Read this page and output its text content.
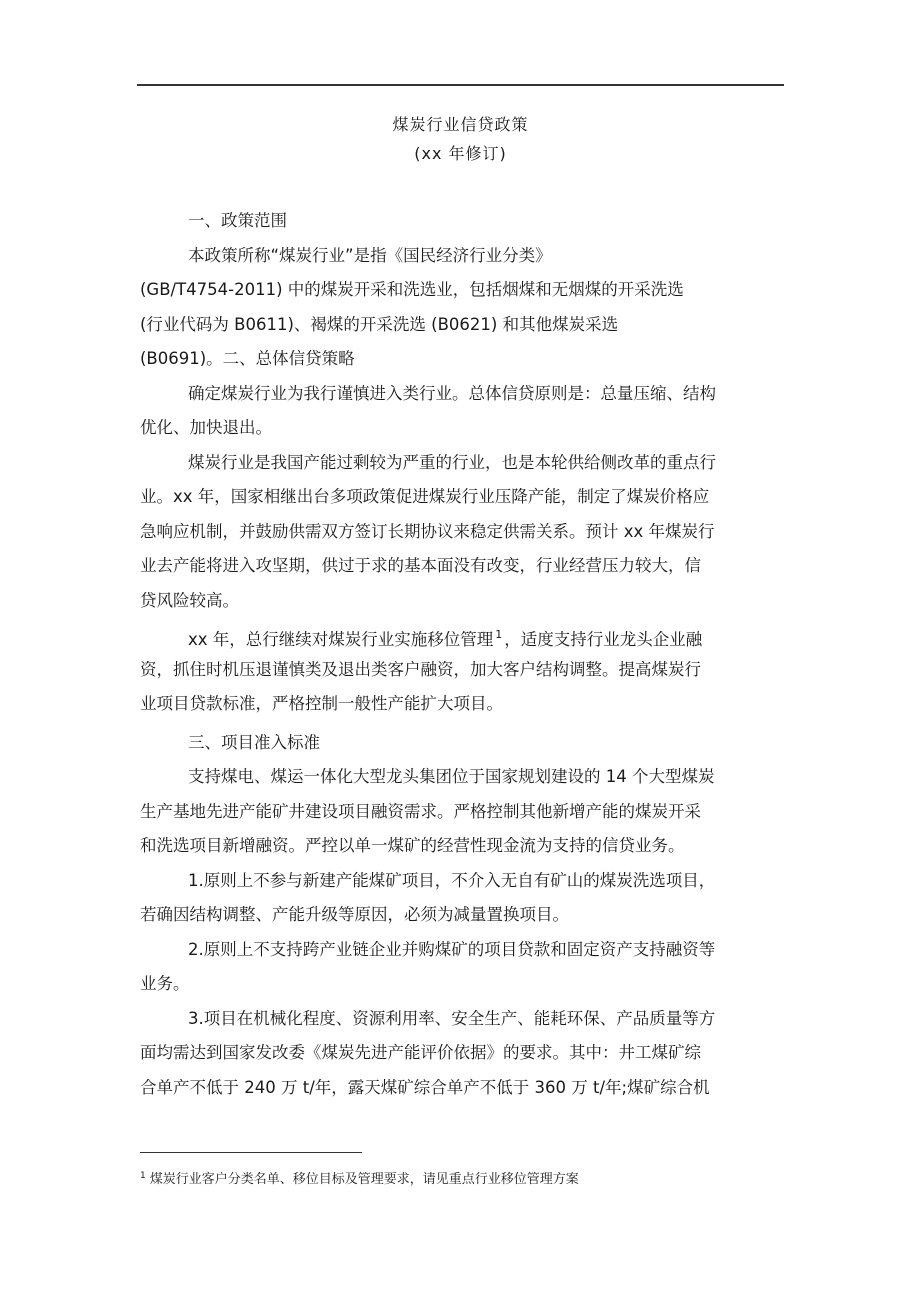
煤炭行业信贷政策
(xx 年修订)
一、政策范围
本政策所称“煤炭行业”是指《国民经济行业分类》
(GB/T4754-2011) 中的煤炭开采和洗选业，包括烟煤和无烟煤的开采洗选
(行业代码为 B0611)、褐煤的开采洗选 (B0621) 和其他煤炭采选
(B0691)。二、总体信贷策略
确定煤炭行业为我行谨慎进入类行业。总体信贷原则是：总量压缩、结构
优化、加快退出。
煤炭行业是我国产能过剩较为严重的行业，也是本轮供给侧改革的重点行
业。xx 年，国家相继出台多项政策促进煤炭行业压降产能，制定了煤炭价格应
急响应机制，并鼓励供需双方签订长期协议来稳定供需关系。预计 xx 年煤炭行
业去产能将进入攻坚期，供过于求的基本面没有改变，行业经营压力较大，信
贷风险较高。
xx 年，总行继续对煤炭行业实施移位管理 $^1$ ，适度支持行业龙头企业融
资，抓住时机压退谨慎类及退出类客户融资，加大客户结构调整。提高煤炭行
业项目贷款标准，严格控制一般性产能扩大项目。
三、项目准入标准
支持煤电、煤运一体化大型龙头集团位于国家规划建设的 14 个大型煤炭
生产基地先进产能矿井建设项目融资需求。严格控制其他新增产能的煤炭开采
和洗选项目新增融资。严控以单一煤矿的经营性现金流为支持的信贷业务。
1.原则上不参与新建产能煤矿项目，不介入无自有矿山的煤炭洗选项目，
若确因结构调整、产能升级等原因，必须为减量置换项目。
2.原则上不支持跨产业链企业并购煤矿的项目贷款和固定资产支持融资等
业务。
3.项目在机械化程度、资源利用率、安全生产、能耗环保、产品质量等方
面均需达到国家发改委《煤炭先进产能评价依据》的要求。其中：井工煤矿综
合单产不低于 240 万 t/年，露天煤矿综合单产不低于 360 万 t/年;煤矿综合机
$^1$ 煤炭行业客户分类名单、移位目标及管理要求，请见重点行业移位管理方案
